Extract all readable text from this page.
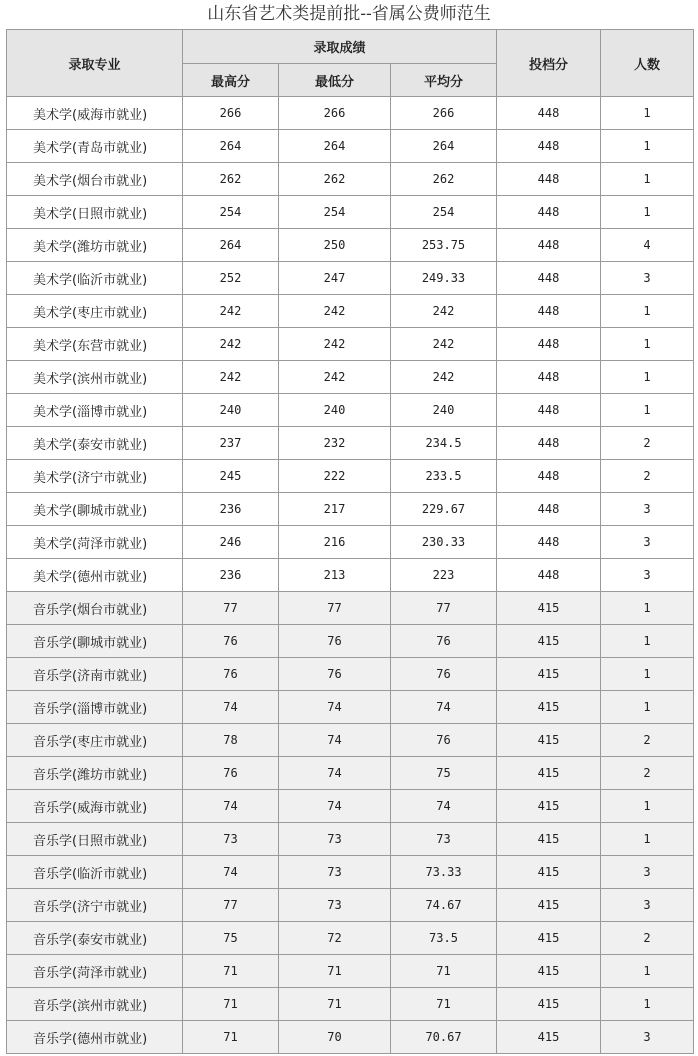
山东省艺术类提前批--省属公费师范生
录取专业	录取成绩			投档分	人数
	最高分	最低分	平均分		
美术学(威海市就业)	266	266	266	448	1
美术学(青岛市就业)	264	264	264	448	1
美术学(烟台市就业)	262	262	262	448	1
美术学(日照市就业)	254	254	254	448	1
美术学(潍坊市就业)	264	250	253.75	448	4
美术学(临沂市就业)	252	247	249.33	448	3
美术学(枣庄市就业)	242	242	242	448	1
美术学(东营市就业)	242	242	242	448	1
美术学(滨州市就业)	242	242	242	448	1
美术学(淄博市就业)	240	240	240	448	1
美术学(泰安市就业)	237	232	234.5	448	2
美术学(济宁市就业)	245	222	233.5	448	2
美术学(聊城市就业)	236	217	229.67	448	3
美术学(菏泽市就业)	246	216	230.33	448	3
美术学(德州市就业)	236	213	223	448	3
音乐学(烟台市就业)	77	77	77	415	1
音乐学(聊城市就业)	76	76	76	415	1
音乐学(济南市就业)	76	76	76	415	1
音乐学(淄博市就业)	74	74	74	415	1
音乐学(枣庄市就业)	78	74	76	415	2
音乐学(潍坊市就业)	76	74	75	415	2
音乐学(威海市就业)	74	74	74	415	1
音乐学(日照市就业)	73	73	73	415	1
音乐学(临沂市就业)	74	73	73.33	415	3
音乐学(济宁市就业)	77	73	74.67	415	3
音乐学(泰安市就业)	75	72	73.5	415	2
音乐学(菏泽市就业)	71	71	71	415	1
音乐学(滨州市就业)	71	71	71	415	1
音乐学(德州市就业)	71	70	70.67	415	3
